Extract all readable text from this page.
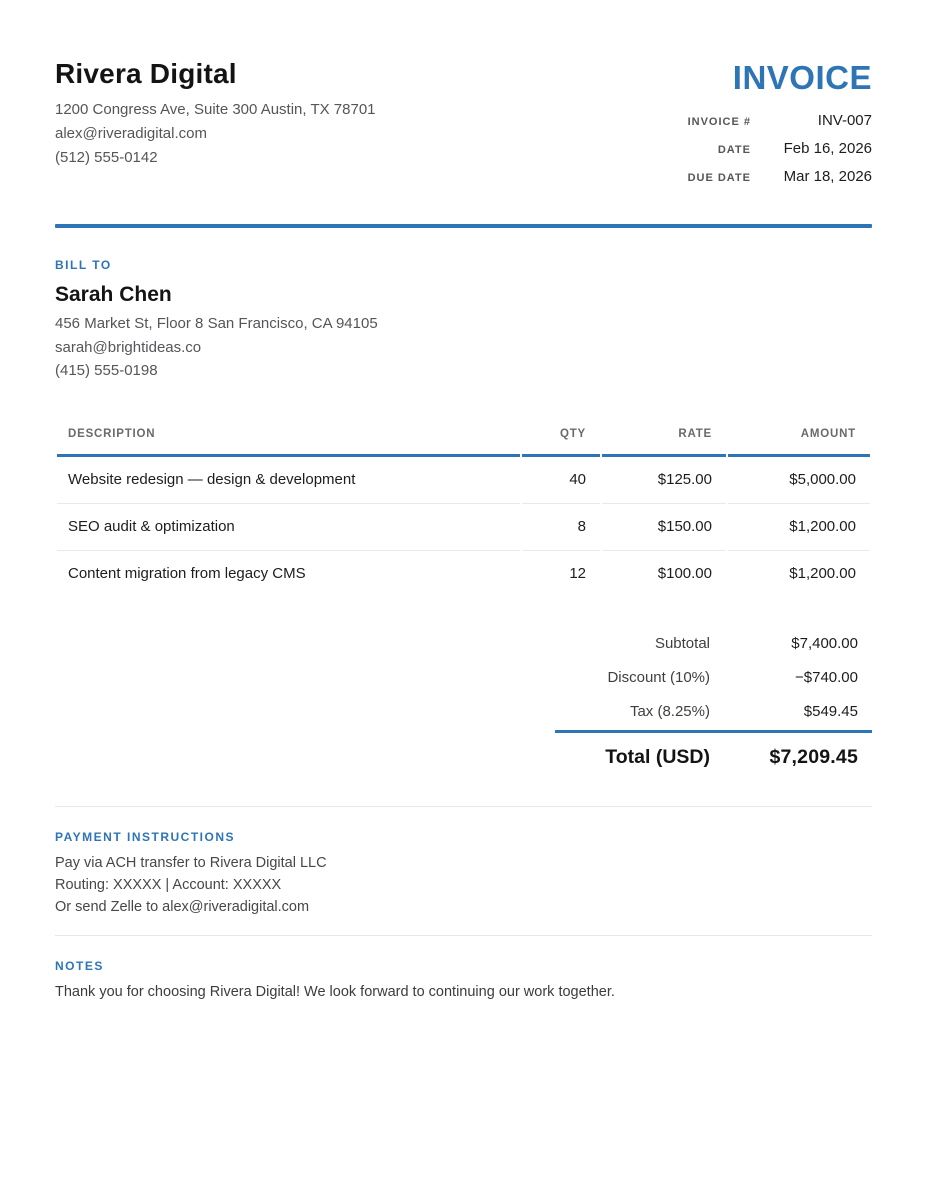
Rivera Digital
1200 Congress Ave, Suite 300 Austin, TX 78701
alex@riveradigital.com
(512) 555-0142
INVOICE
INVOICE #	INV-007
DATE	Feb 16, 2026
DUE DATE	Mar 18, 2026
BILL TO
Sarah Chen
456 Market St, Floor 8 San Francisco, CA 94105
sarah@brightideas.co
(415) 555-0198
DESCRIPTION	QTY	RATE	AMOUNT
Website redesign — design & development	40	$125.00	$5,000.00
SEO audit & optimization	8	$150.00	$1,200.00
Content migration from legacy CMS	12	$100.00	$1,200.00
Subtotal	$7,400.00
Discount (10%)	−$740.00
Tax (8.25%)	$549.45
Total (USD)	$7,209.45
PAYMENT INSTRUCTIONS
Pay via ACH transfer to Rivera Digital LLC
Routing: XXXXX | Account: XXXXX
Or send Zelle to alex@riveradigital.com
NOTES
Thank you for choosing Rivera Digital! We look forward to continuing our work together.
